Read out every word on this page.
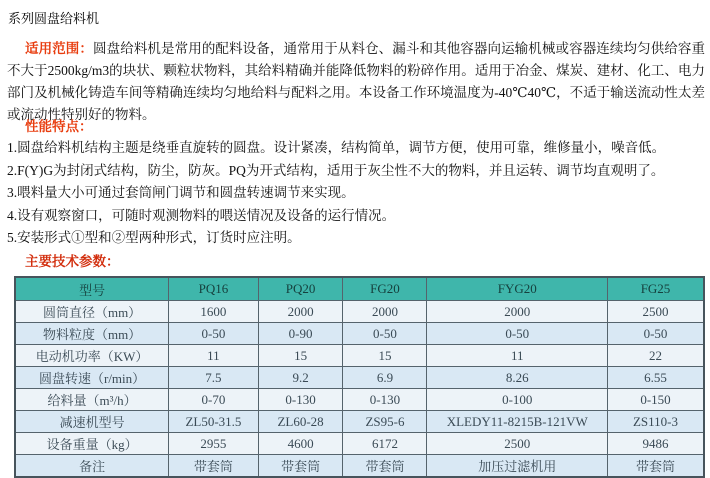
系列圆盘给料机

适用范围：圆盘给料机是常用的配料设备，通常用于从料仓、漏斗和其他容器向运输机械或容器连续均匀供给容重不大于2500kg/m3的块状、颗粒状物料，其给料精确并能降低物料的粉碎作用。适用于冶金、煤炭、建材、化工、电力部门及机械化铸造车间等精确连续均匀地给料与配料之用。本设备工作环境温度为-40℃40℃，不适于输送流动性太差或流动性特别好的物料。

性能特点：
1.圆盘给料机结构主题是绕垂直旋转的圆盘。设计紧凑，结构简单，调节方便，使用可靠，维修量小，噪音低。
2.F(Y)G为封闭式结构，防尘，防灰。PQ为开式结构，适用于灰尘性不大的物料，并且运转、调节均直观明了。
3.喂料量大小可通过套筒闸门调节和圆盘转速调节来实现。
4.设有观察窗口，可随时观测物料的喂送情况及设备的运行情况。
5.安装形式①型和②型两种形式，订货时应注明。
主要技术参数：
型号	PQ16	PQ20	FG20	FYG20	FG25
圆筒直径（mm）	1600	2000	2000	2000	2500
物料粒度（mm）	0-50	0-90	0-50	0-50	0-50
电动机功率（KW）	11	15	15	11	22
圆盘转速（r/min）	7.5	9.2	6.9	8.26	6.55
给料量（m³/h）	0-70	0-130	0-130	0-100	0-150
减速机型号	ZL50-31.5	ZL60-28	ZS95-6	XLEDY11-8215B-121VW	ZS110-3
设备重量（kg）	2955	4600	6172	2500	9486
备注	带套筒	带套筒	带套筒	加压过滤机用	带套筒
